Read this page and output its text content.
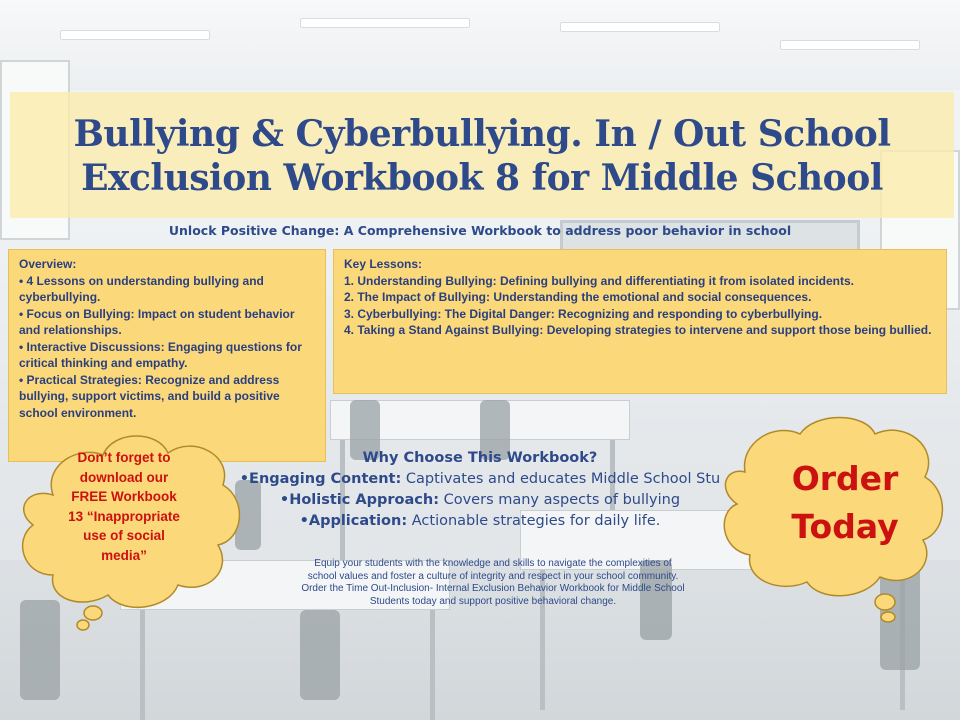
Bullying & Cyberbullying. In / Out School
Exclusion Workbook 8 for Middle School
Unlock Positive Change: A Comprehensive Workbook to address poor behavior in school
Overview:
• 4 Lessons on understanding bullying and cyberbullying.
• Focus on Bullying: Impact on student behavior and relationships.
• Interactive Discussions: Engaging questions for critical thinking and empathy.
• Practical Strategies: Recognize and address bullying, support victims, and build a positive school environment.
Key Lessons:
1. Understanding Bullying: Defining bullying and differentiating it from isolated incidents.
2. The Impact of Bullying: Understanding the emotional and social consequences.
3. Cyberbullying: The Digital Danger: Recognizing and responding to cyberbullying.
4. Taking a Stand Against Bullying: Developing strategies to intervene and support those being bullied.
Why Choose This Workbook?
•Engaging Content: Captivates and educates Middle School Stu
•Holistic Approach: Covers many aspects of bullying
•Application: Actionable strategies for daily life.
Equip your students with the knowledge and skills to navigate the complexities of
school values and foster a culture of integrity and respect in your school community.
Order the Time Out-Inclusion- Internal Exclusion Behavior Workbook for Middle School
Students today and support positive behavioral change.
Don’t forget to
download our
FREE Workbook
13 “Inappropriate
use of social
media”
Order
Today
